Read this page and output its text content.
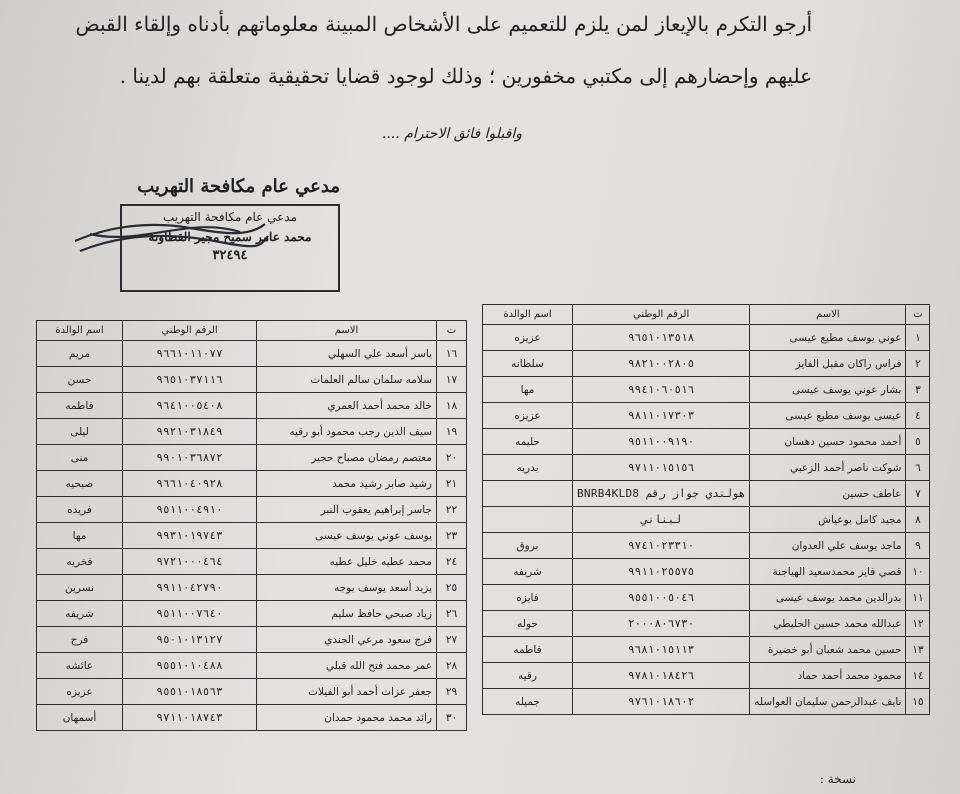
أرجو التكرم بالإيعاز لمن يلزم للتعميم على الأشخاص المبينة معلوماتهم بأدناه وإلقاء القبض
عليهم وإحضارهم إلى مكتبي مخفورين ؛ وذلك لوجود قضايا تحقيقية متعلقة بهم لدينا .
واقبلوا فائق الاحترام ....
مدعي عام مكافحة التهريب
مدعي عام مكافحة التهريب
محمد عامر سميح مجير القطاونة
٣٢٤٩٤
ت	الاسم	الرقم الوطني	اسم الوالدة
١	عوني يوسف مطيع عيسى	٩٦٥١٠١٣٥١٨	عزيزه
٢	فراس راكان مقبل الفايز	٩٨٢١٠٠٢٨٠٥	سلطانه
٣	بشار عوني يوسف عيسى	٩٩٤١٠٦٠٥١٦	مها
٤	عيسى يوسف مطيع عيسى	٩٨١١٠١٧٣٠٣	عزيزه
٥	أحمد محمود حسين دهسان	٩٥١١٠٠٩١٩٠	حليمه
٦	شوكت ناصر أحمد الزعبي	٩٧١١٠١٥١٥٦	بدريه
٧	عاطف حسين	هولندي جواز رقم BNRB4KLD8	
٨	مجيد كامل بوعياش	لبناني	
٩	ماجد يوسف علي العدوان	٩٧٤١٠٢٣٣١٠	بروق
١٠	قصي فايز محمدسعيد الهياجنة	٩٩١١٠٢٥٥٧٥	شريفه
١١	بدرالدين محمد يوسف عيسى	٩٥٥١٠٠٥٠٤٦	فايزه
١٢	عبدالله محمد حسين الحليطي	٢٠٠٠٨٠٦٧٣٠	حوله
١٣	حسين محمد شعبان أبو خضيرة	٩٦٨١٠١٥١١٣	فاطمه
١٤	محمود محمد أحمد حماد	٩٧٨١٠١٨٤٢٦	رقيه
١٥	نايف عبدالرحمن سليمان العواسله	٩٧٦١٠١٨٦٠٢	جميله
ت	الاسم	الرقم الوطني	اسم الوالدة
١٦	ياسر أسعد علي السهلي	٩٦٦١٠١١٠٧٧	مريم
١٧	سلامه سلمان سالم العلمات	٩٦٥١٠٣٧١١٦	حسن
١٨	خالد محمد أحمد العمري	٩٦٤١٠٠٥٤٠٨	فاطمه
١٩	سيف الدين رجب محمود أبو رقيه	٩٩٢١٠٣١٨٤٩	ليلى
٢٠	معتصم رمضان مصباح حجير	٩٩٠١٠٣٦٨٧٢	منى
٢١	رشيد صابر رشيد محمد	٩٦٦١٠٤٠٩٢٨	صبحيه
٢٢	جاسر إبراهيم يعقوب النبر	٩٥١١٠٠٤٩١٠	فريده
٢٣	يوسف عوني يوسف عيسى	٩٩٣١٠١٩٧٤٣	مها
٢٤	محمد عطيه خليل عطيه	٩٧٢١٠٠٠٤٦٤	فخريه
٢٥	يزيد أسعد يوسف بوجه	٩٩١١٠٤٢٧٩٠	نسرين
٢٦	زياد صبحي حافظ سليم	٩٥١١٠٠٧٦٤٠	شريفه
٢٧	فرج سعود مرعي الجندي	٩٥٠١٠١٣١٢٧	فرح
٢٨	عمر محمد فتح الله قبلي	٩٥٥١٠١٠٤٨٨	عائشه
٢٩	جعفر عزات أحمد أبو الفيلات	٩٥٥١٠١٨٥٦٣	عزيزه
٣٠	رائد محمد محمود حمدان	٩٧١١٠١٨٧٤٣	أسمهان
نسخة :
